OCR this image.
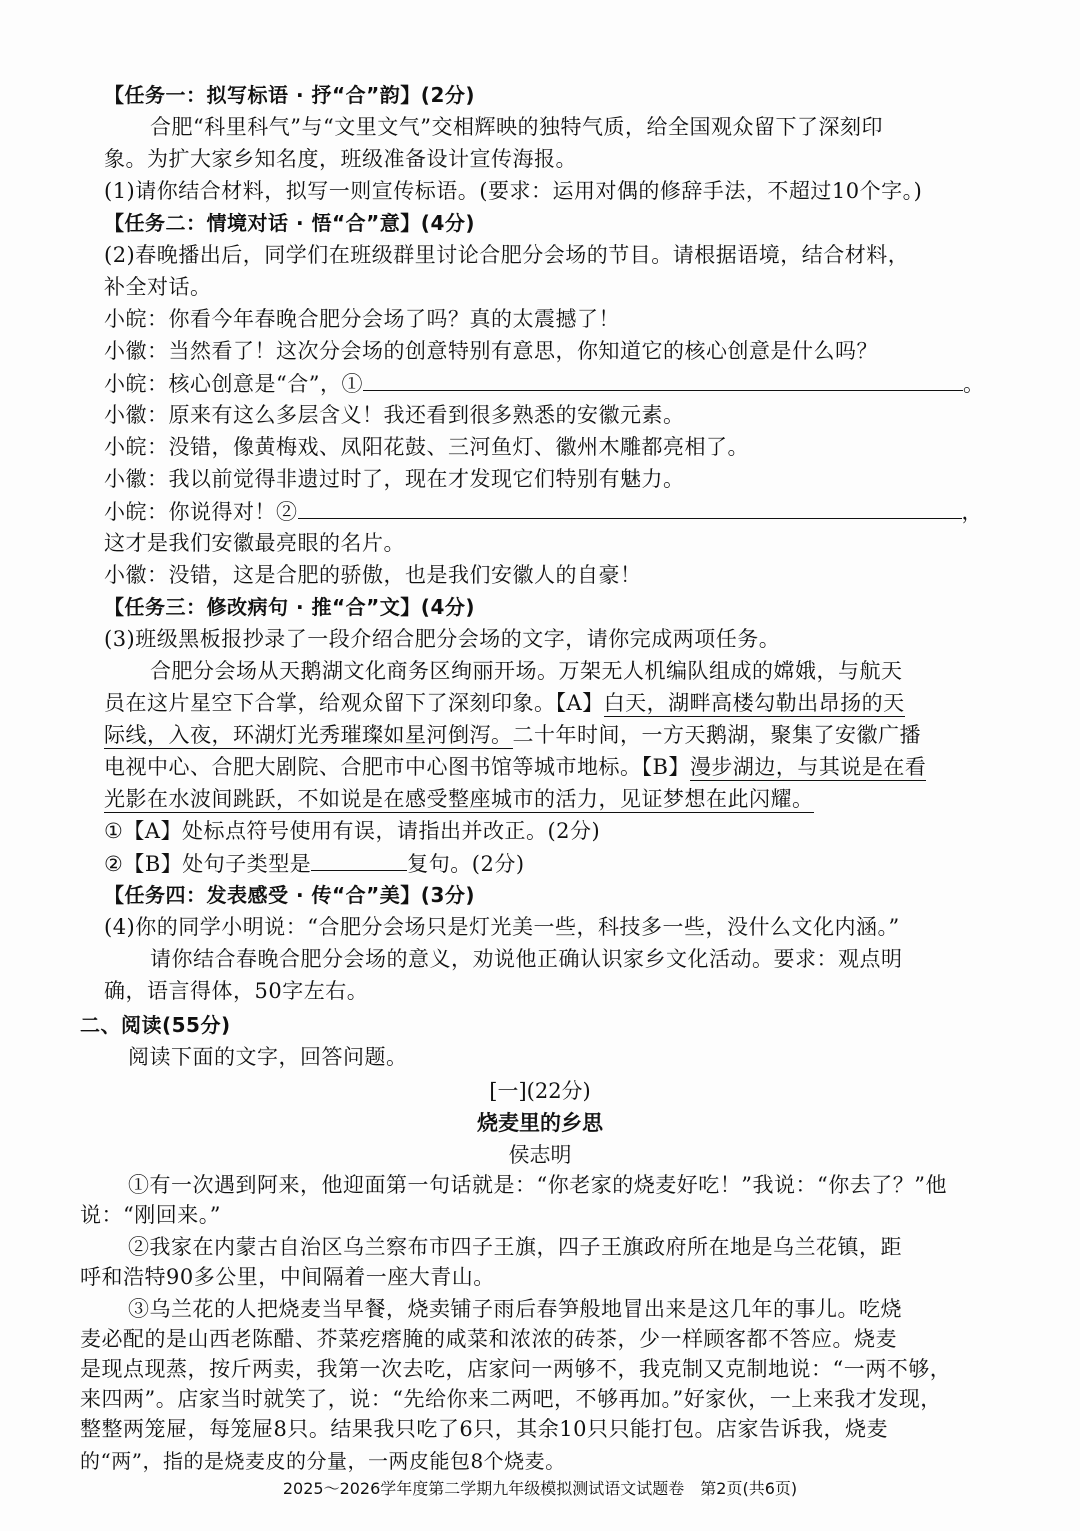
【任务一：拟写标语 · 抒“合”韵】(2分)
合肥“科里科气”与“文里文气”交相辉映的独特气质，给全国观众留下了深刻印
象。为扩大家乡知名度，班级准备设计宣传海报。
(1)请你结合材料，拟写一则宣传标语。(要求：运用对偶的修辞手法，不超过10个字。)
【任务二：情境对话 · 悟“合”意】(4分)
(2)春晚播出后，同学们在班级群里讨论合肥分会场的节目。请根据语境，结合材料，
补全对话。
小皖：你看今年春晚合肥分会场了吗？真的太震撼了！
小徽：当然看了！这次分会场的创意特别有意思，你知道它的核心创意是什么吗？
小皖：核心创意是“合”，①	。
小徽：原来有这么多层含义！我还看到很多熟悉的安徽元素。
小皖：没错，像黄梅戏、凤阳花鼓、三河鱼灯、徽州木雕都亮相了。
小徽：我以前觉得非遗过时了，现在才发现它们特别有魅力。
小皖：你说得对！②	，
这才是我们安徽最亮眼的名片。
小徽：没错，这是合肥的骄傲，也是我们安徽人的自豪！
【任务三：修改病句 · 推“合”文】(4分)
(3)班级黑板报抄录了一段介绍合肥分会场的文字，请你完成两项任务。
合肥分会场从天鹅湖文化商务区绚丽开场。万架无人机编队组成的嫦娥，与航天
员在这片星空下合掌，给观众留下了深刻印象。【A】白天，湖畔高楼勾勒出昂扬的天
际线，入夜，环湖灯光秀璀璨如星河倒泻。二十年时间，一方天鹅湖，聚集了安徽广播
电视中心、合肥大剧院、合肥市中心图书馆等城市地标。【B】漫步湖边，与其说是在看
光影在水波间跳跃，不如说是在感受整座城市的活力，见证梦想在此闪耀。
①【A】处标点符号使用有误，请指出并改正。(2分)
②【B】处句子类型是	复句。(2分)
【任务四：发表感受 · 传“合”美】(3分)
(4)你的同学小明说：“合肥分会场只是灯光美一些，科技多一些，没什么文化内涵。”
请你结合春晚合肥分会场的意义，劝说他正确认识家乡文化活动。要求：观点明
确，语言得体，50字左右。
二、阅读(55分)
阅读下面的文字，回答问题。
[一](22分)
烧麦里的乡思
侯志明
①有一次遇到阿来，他迎面第一句话就是：“你老家的烧麦好吃！”我说：“你去了？”他
说：“刚回来。”
②我家在内蒙古自治区乌兰察布市四子王旗，四子王旗政府所在地是乌兰花镇，距
呼和浩特90多公里，中间隔着一座大青山。
③乌兰花的人把烧麦当早餐，烧卖铺子雨后春笋般地冒出来是这几年的事儿。吃烧
麦必配的是山西老陈醋、芥菜疙瘩腌的咸菜和浓浓的砖茶，少一样顾客都不答应。烧麦
是现点现蒸，按斤两卖，我第一次去吃，店家问一两够不，我克制又克制地说：“一两不够，
来四两”。店家当时就笑了，说：“先给你来二两吧，不够再加。”好家伙，一上来我才发现，
整整两笼屉，每笼屉8只。结果我只吃了6只，其余10只只能打包。店家告诉我，烧麦
2025～2026学年度第二学期九年级模拟测试语文试题卷　第2页(共6页)
的“两”，指的是烧麦皮的分量，一两皮能包8个烧麦。
